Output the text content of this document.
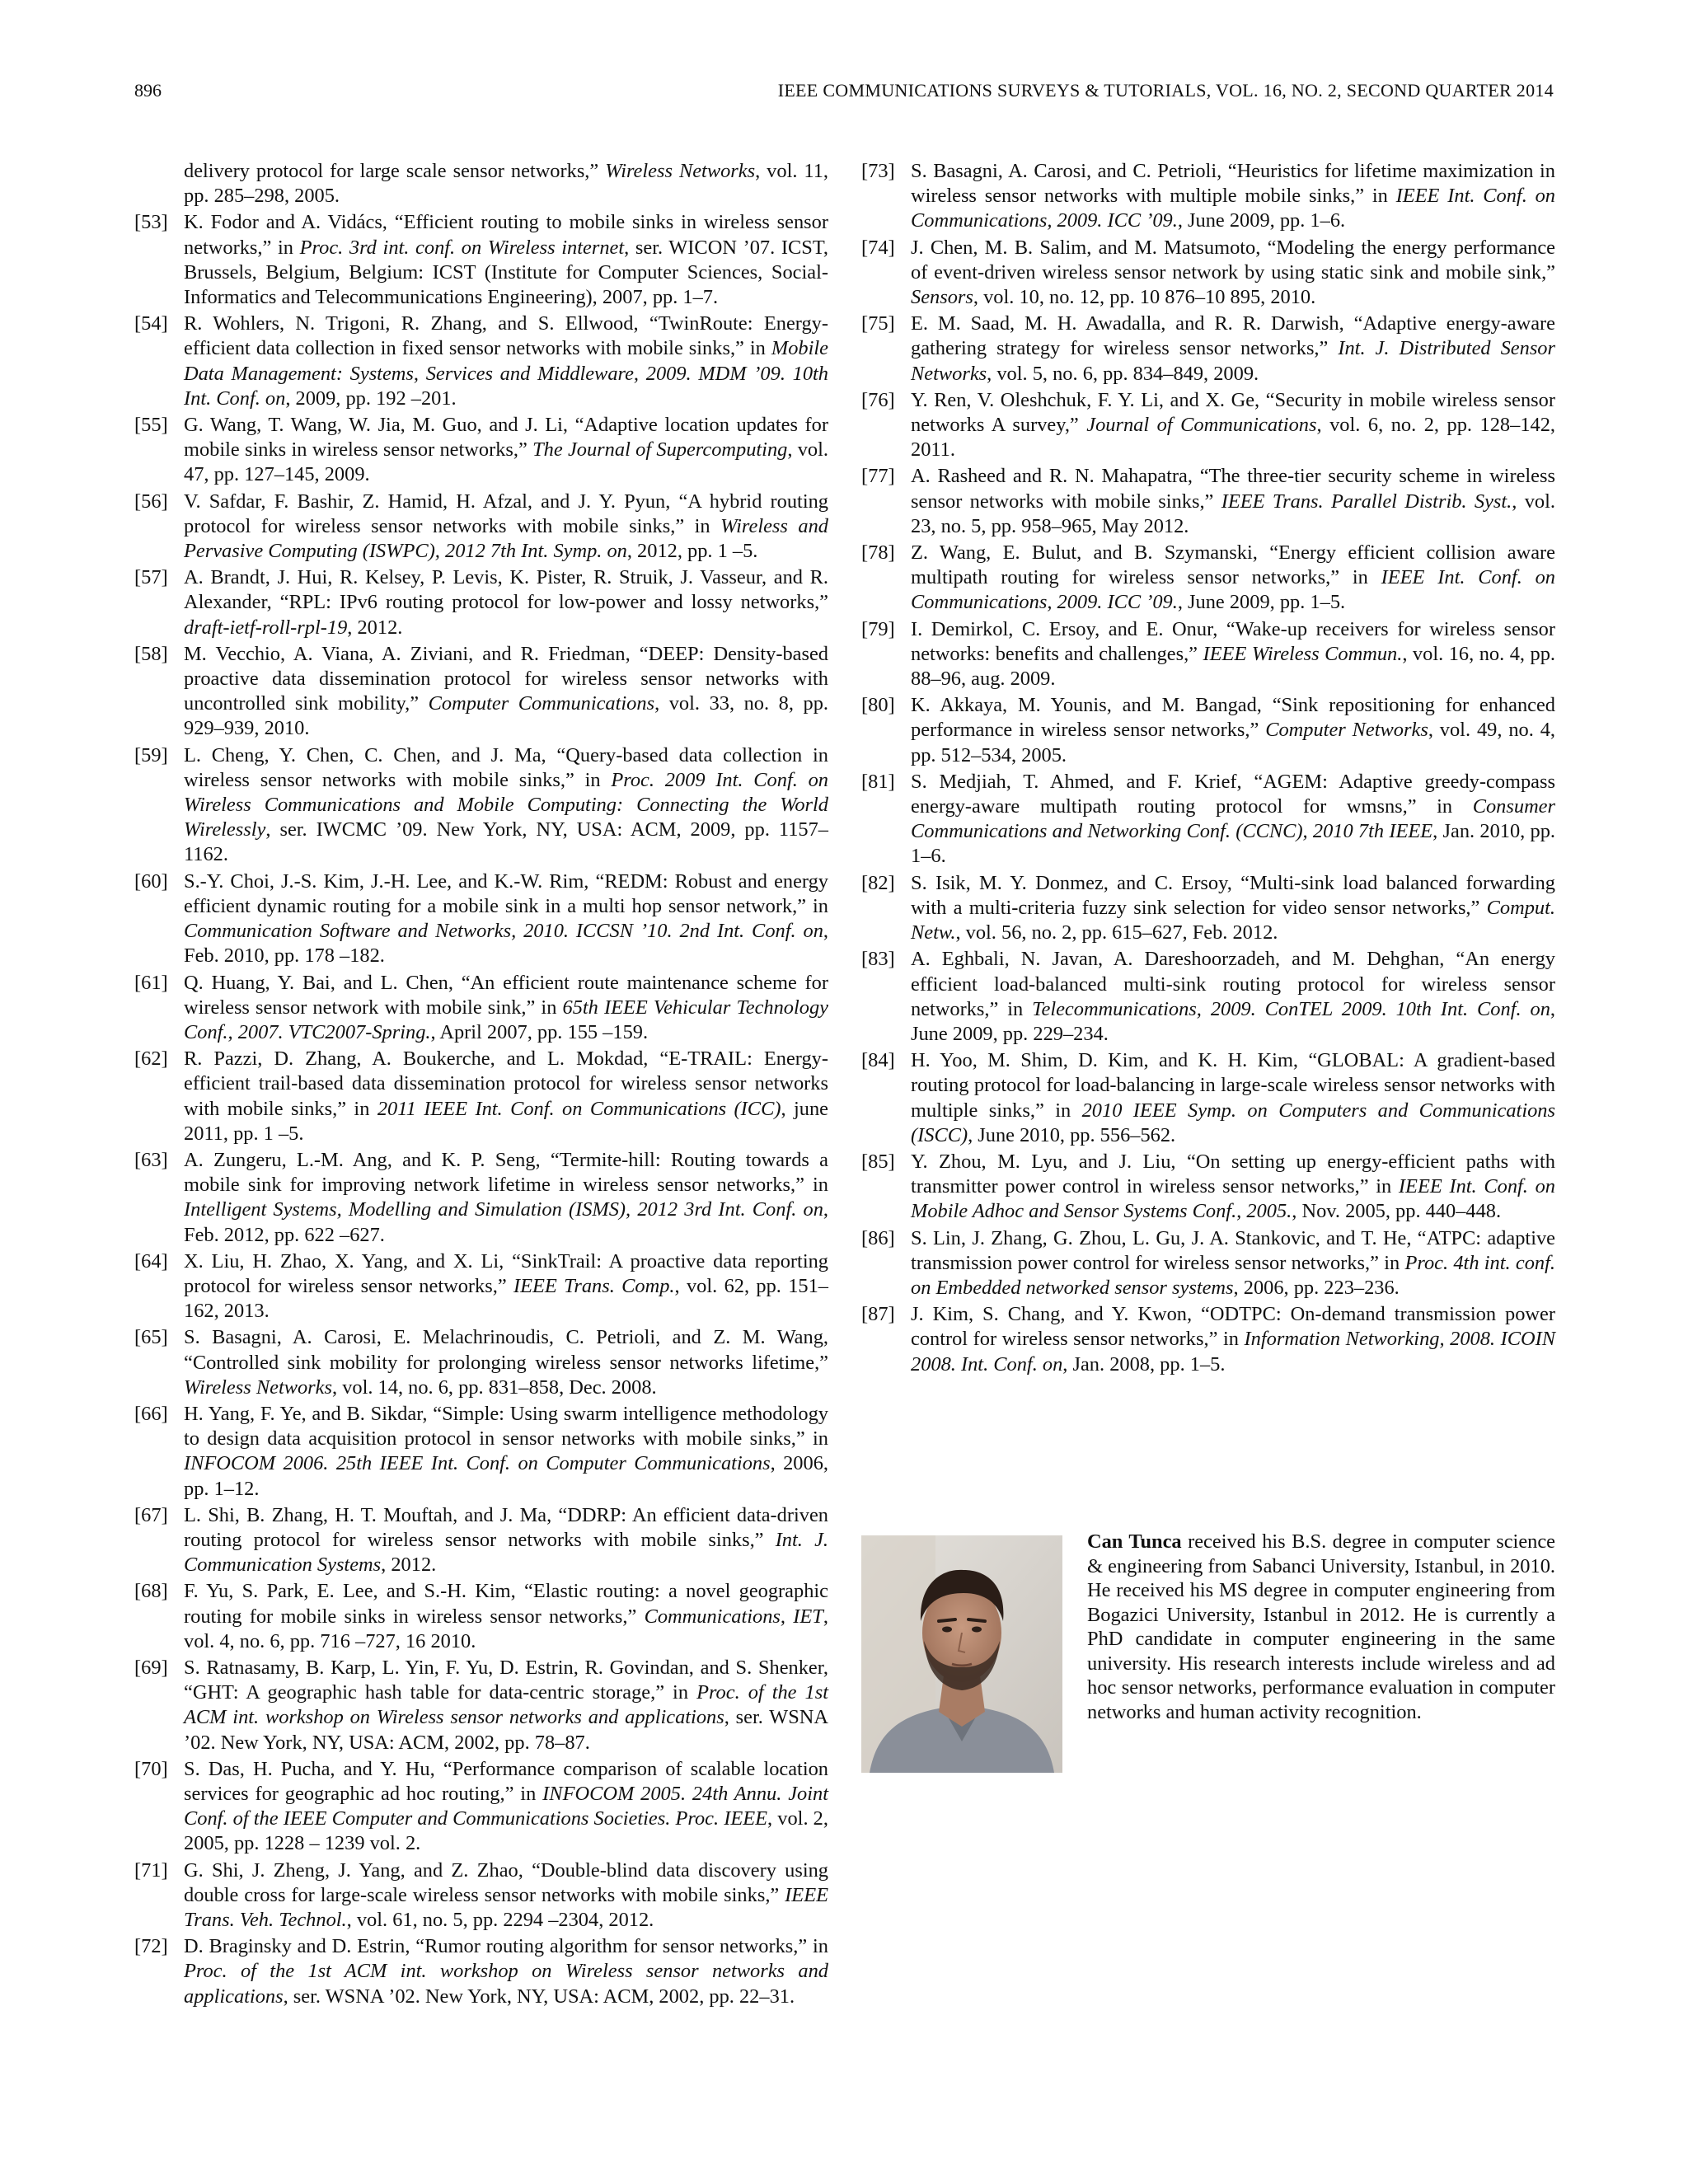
896	IEEE COMMUNICATIONS SURVEYS & TUTORIALS, VOL. 16, NO. 2, SECOND QUARTER 2014
delivery protocol for large scale sensor networks,” Wireless Networks, vol. 11, pp. 285–298, 2005.
[53] K. Fodor and A. Vidács, “Efficient routing to mobile sinks in wireless sensor networks,” in Proc. 3rd int. conf. on Wireless internet, ser. WICON ’07. ICST, Brussels, Belgium, Belgium: ICST (Institute for Computer Sciences, Social-Informatics and Telecommunications Engineering), 2007, pp. 1–7.
[54] R. Wohlers, N. Trigoni, R. Zhang, and S. Ellwood, “TwinRoute: Energy-efficient data collection in fixed sensor networks with mobile sinks,” in Mobile Data Management: Systems, Services and Middleware, 2009. MDM ’09. 10th Int. Conf. on, 2009, pp. 192 –201.
[55] G. Wang, T. Wang, W. Jia, M. Guo, and J. Li, “Adaptive location updates for mobile sinks in wireless sensor networks,” The Journal of Supercomputing, vol. 47, pp. 127–145, 2009.
[56] V. Safdar, F. Bashir, Z. Hamid, H. Afzal, and J. Y. Pyun, “A hybrid routing protocol for wireless sensor networks with mobile sinks,” in Wireless and Pervasive Computing (ISWPC), 2012 7th Int. Symp. on, 2012, pp. 1 –5.
[57] A. Brandt, J. Hui, R. Kelsey, P. Levis, K. Pister, R. Struik, J. Vasseur, and R. Alexander, “RPL: IPv6 routing protocol for low-power and lossy networks,” draft-ietf-roll-rpl-19, 2012.
[58] M. Vecchio, A. Viana, A. Ziviani, and R. Friedman, “DEEP: Density-based proactive data dissemination protocol for wireless sensor networks with uncontrolled sink mobility,” Computer Communications, vol. 33, no. 8, pp. 929–939, 2010.
[59] L. Cheng, Y. Chen, C. Chen, and J. Ma, “Query-based data collection in wireless sensor networks with mobile sinks,” in Proc. 2009 Int. Conf. on Wireless Communications and Mobile Computing: Connecting the World Wirelessly, ser. IWCMC ’09. New York, NY, USA: ACM, 2009, pp. 1157–1162.
[60] S.-Y. Choi, J.-S. Kim, J.-H. Lee, and K.-W. Rim, “REDM: Robust and energy efficient dynamic routing for a mobile sink in a multi hop sensor network,” in Communication Software and Networks, 2010. ICCSN ’10. 2nd Int. Conf. on, Feb. 2010, pp. 178 –182.
[61] Q. Huang, Y. Bai, and L. Chen, “An efficient route maintenance scheme for wireless sensor network with mobile sink,” in 65th IEEE Vehicular Technology Conf., 2007. VTC2007-Spring., April 2007, pp. 155 –159.
[62] R. Pazzi, D. Zhang, A. Boukerche, and L. Mokdad, “E-TRAIL: Energy-efficient trail-based data dissemination protocol for wireless sensor networks with mobile sinks,” in 2011 IEEE Int. Conf. on Communications (ICC), june 2011, pp. 1 –5.
[63] A. Zungeru, L.-M. Ang, and K. P. Seng, “Termite-hill: Routing towards a mobile sink for improving network lifetime in wireless sensor networks,” in Intelligent Systems, Modelling and Simulation (ISMS), 2012 3rd Int. Conf. on, Feb. 2012, pp. 622 –627.
[64] X. Liu, H. Zhao, X. Yang, and X. Li, “SinkTrail: A proactive data reporting protocol for wireless sensor networks,” IEEE Trans. Comp., vol. 62, pp. 151–162, 2013.
[65] S. Basagni, A. Carosi, E. Melachrinoudis, C. Petrioli, and Z. M. Wang, “Controlled sink mobility for prolonging wireless sensor networks lifetime,” Wireless Networks, vol. 14, no. 6, pp. 831–858, Dec. 2008.
[66] H. Yang, F. Ye, and B. Sikdar, “Simple: Using swarm intelligence methodology to design data acquisition protocol in sensor networks with mobile sinks,” in INFOCOM 2006. 25th IEEE Int. Conf. on Computer Communications, 2006, pp. 1–12.
[67] L. Shi, B. Zhang, H. T. Mouftah, and J. Ma, “DDRP: An efficient data-driven routing protocol for wireless sensor networks with mobile sinks,” Int. J. Communication Systems, 2012.
[68] F. Yu, S. Park, E. Lee, and S.-H. Kim, “Elastic routing: a novel geographic routing for mobile sinks in wireless sensor networks,” Communications, IET, vol. 4, no. 6, pp. 716 –727, 16 2010.
[69] S. Ratnasamy, B. Karp, L. Yin, F. Yu, D. Estrin, R. Govindan, and S. Shenker, “GHT: A geographic hash table for data-centric storage,” in Proc. of the 1st ACM int. workshop on Wireless sensor networks and applications, ser. WSNA ’02. New York, NY, USA: ACM, 2002, pp. 78–87.
[70] S. Das, H. Pucha, and Y. Hu, “Performance comparison of scalable location services for geographic ad hoc routing,” in INFOCOM 2005. 24th Annu. Joint Conf. of the IEEE Computer and Communications Societies. Proc. IEEE, vol. 2, 2005, pp. 1228 – 1239 vol. 2.
[71] G. Shi, J. Zheng, J. Yang, and Z. Zhao, “Double-blind data discovery using double cross for large-scale wireless sensor networks with mobile sinks,” IEEE Trans. Veh. Technol., vol. 61, no. 5, pp. 2294 –2304, 2012.
[72] D. Braginsky and D. Estrin, “Rumor routing algorithm for sensor networks,” in Proc. of the 1st ACM int. workshop on Wireless sensor networks and applications, ser. WSNA ’02. New York, NY, USA: ACM, 2002, pp. 22–31.
[73] S. Basagni, A. Carosi, and C. Petrioli, “Heuristics for lifetime maximization in wireless sensor networks with multiple mobile sinks,” in IEEE Int. Conf. on Communications, 2009. ICC ’09., June 2009, pp. 1–6.
[74] J. Chen, M. B. Salim, and M. Matsumoto, “Modeling the energy performance of event-driven wireless sensor network by using static sink and mobile sink,” Sensors, vol. 10, no. 12, pp. 10 876–10 895, 2010.
[75] E. M. Saad, M. H. Awadalla, and R. R. Darwish, “Adaptive energy-aware gathering strategy for wireless sensor networks,” Int. J. Distributed Sensor Networks, vol. 5, no. 6, pp. 834–849, 2009.
[76] Y. Ren, V. Oleshchuk, F. Y. Li, and X. Ge, “Security in mobile wireless sensor networks A survey,” Journal of Communications, vol. 6, no. 2, pp. 128–142, 2011.
[77] A. Rasheed and R. N. Mahapatra, “The three-tier security scheme in wireless sensor networks with mobile sinks,” IEEE Trans. Parallel Distrib. Syst., vol. 23, no. 5, pp. 958–965, May 2012.
[78] Z. Wang, E. Bulut, and B. Szymanski, “Energy efficient collision aware multipath routing for wireless sensor networks,” in IEEE Int. Conf. on Communications, 2009. ICC ’09., June 2009, pp. 1–5.
[79] I. Demirkol, C. Ersoy, and E. Onur, “Wake-up receivers for wireless sensor networks: benefits and challenges,” IEEE Wireless Commun., vol. 16, no. 4, pp. 88–96, aug. 2009.
[80] K. Akkaya, M. Younis, and M. Bangad, “Sink repositioning for enhanced performance in wireless sensor networks,” Computer Networks, vol. 49, no. 4, pp. 512–534, 2005.
[81] S. Medjiah, T. Ahmed, and F. Krief, “AGEM: Adaptive greedy-compass energy-aware multipath routing protocol for wmsns,” in Consumer Communications and Networking Conf. (CCNC), 2010 7th IEEE, Jan. 2010, pp. 1–6.
[82] S. Isik, M. Y. Donmez, and C. Ersoy, “Multi-sink load balanced forwarding with a multi-criteria fuzzy sink selection for video sensor networks,” Comput. Netw., vol. 56, no. 2, pp. 615–627, Feb. 2012.
[83] A. Eghbali, N. Javan, A. Dareshoorzadeh, and M. Dehghan, “An energy efficient load-balanced multi-sink routing protocol for wireless sensor networks,” in Telecommunications, 2009. ConTEL 2009. 10th Int. Conf. on, June 2009, pp. 229–234.
[84] H. Yoo, M. Shim, D. Kim, and K. H. Kim, “GLOBAL: A gradient-based routing protocol for load-balancing in large-scale wireless sensor networks with multiple sinks,” in 2010 IEEE Symp. on Computers and Communications (ISCC), June 2010, pp. 556–562.
[85] Y. Zhou, M. Lyu, and J. Liu, “On setting up energy-efficient paths with transmitter power control in wireless sensor networks,” in IEEE Int. Conf. on Mobile Adhoc and Sensor Systems Conf., 2005., Nov. 2005, pp. 440–448.
[86] S. Lin, J. Zhang, G. Zhou, L. Gu, J. A. Stankovic, and T. He, “ATPC: adaptive transmission power control for wireless sensor networks,” in Proc. 4th int. conf. on Embedded networked sensor systems, 2006, pp. 223–236.
[87] J. Kim, S. Chang, and Y. Kwon, “ODTPC: On-demand transmission power control for wireless sensor networks,” in Information Networking, 2008. ICOIN 2008. Int. Conf. on, Jan. 2008, pp. 1–5.
Can Tunca received his B.S. degree in computer science & engineering from Sabanci University, Istanbul, in 2010. He received his MS degree in computer engineering from Bogazici University, Istanbul in 2012. He is currently a PhD candidate in computer engineering in the same university. His research interests include wireless and ad hoc sensor networks, performance evaluation in computer networks and human activity recognition.
